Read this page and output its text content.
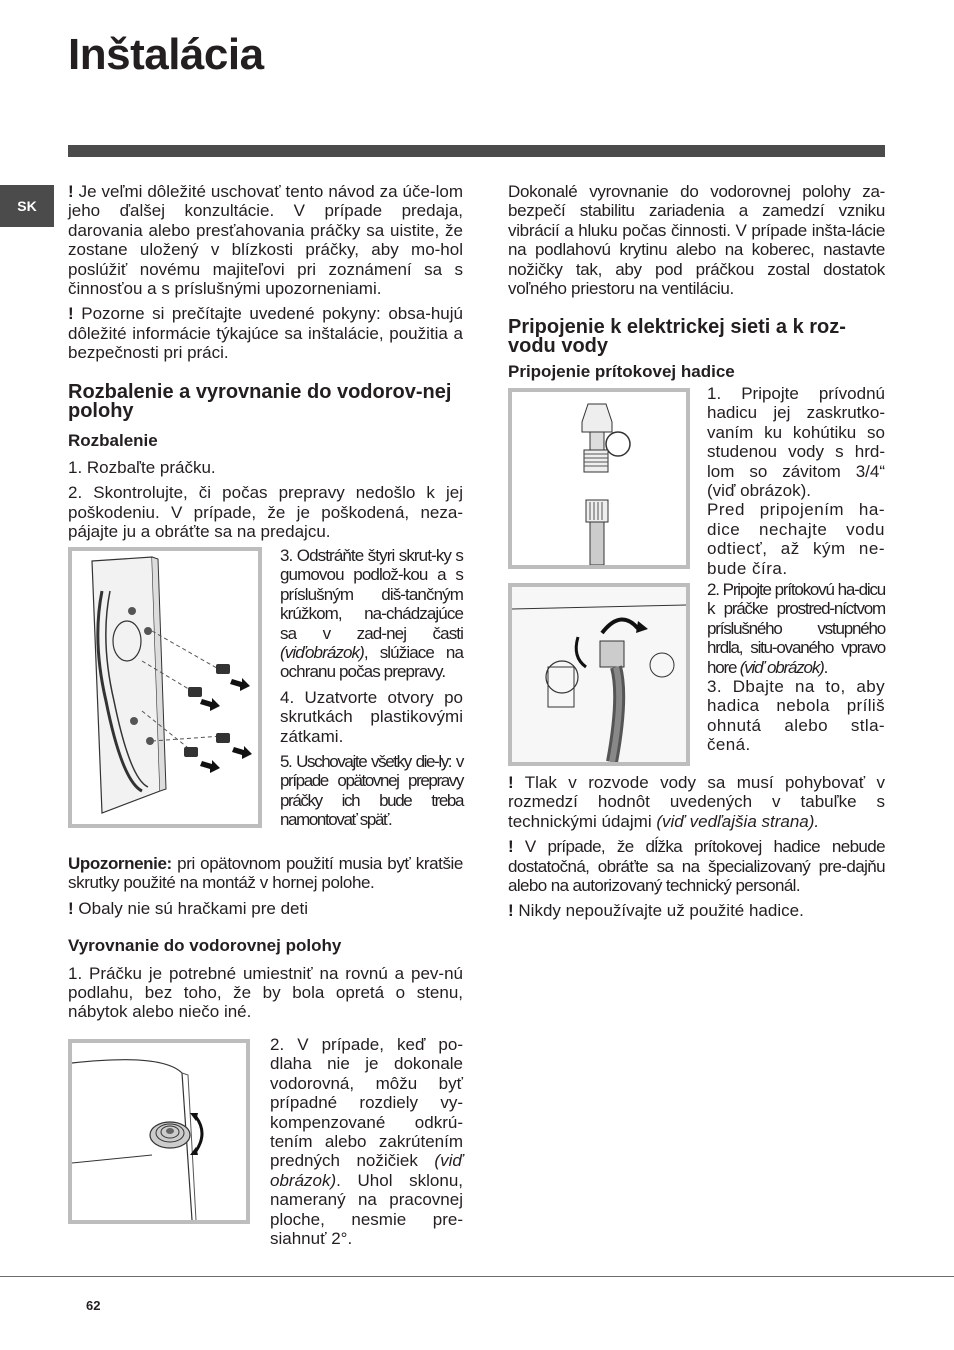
Inštalácia
SK

! Je veľmi dôležité uschovať tento návod za úče-lom jeho ďalšej konzultácie. V prípade predaja, darovania alebo presťahovania práčky sa uistite, že zostane uložený v blízkosti práčky, aby mo-hol poslúžiť novému majiteľovi pri zoznámení sa s činnosťou a s príslušnými upozorneniami.

! Pozorne si prečítajte uvedené pokyny: obsa-hujú dôležité informácie týkajúce sa inštalácie, použitia a bezpečnosti pri práci.

Rozbalenie a vyrovnanie do vodorov-nej polohy
Rozbalenie

1. Rozbaľte práčku.

2. Skontrolujte, či počas prepravy nedošlo k jej poškodeniu. V prípade, že je poškodená, neza-pájajte ju a obráťte sa na predajcu.

3. Odstráňte štyri skrut-ky s gumovou podlož-kou a s príslušným diš-tančným krúžkom, na-chádzajúce sa v zad-nej časti (viďobrázok), slúžiace na ochranu počas prepravy.

4. Uzatvorte otvory po skrutkách plastikovými zátkami.

5. Uschovajte všetky die-ly: v prípade opätovnej prepravy práčky ich bude treba namontovať späť.

Upozornenie: pri opätovnom použití musia byť kratšie skrutky použité na montáž v hornej polohe.

! Obaly nie sú hračkami pre deti

Vyrovnanie do vodorovnej polohy

1. Práčku je potrebné umiestniť na rovnú a pev-nú podlahu, bez toho, že by bola opretá o stenu, nábytok alebo niečo iné.

2. V prípade, keď po-dlaha nie je dokonale vodorovná, môžu byť prípadné rozdiely vy-kompenzované odkrú-tením alebo zakrútením predných nožičiek (viď obrázok). Uhol sklonu, nameraný na pracovnej ploche, nesmie pre-siahnuť 2°.

Dokonalé vyrovnanie do vodorovnej polohy za-bezpečí stabilitu zariadenia a zamedzí vzniku vibrácií a hluku počas činnosti. V prípade inšta-lácie na podlahovú krytinu alebo na koberec, nastavte nožičky tak, aby pod práčkou zostal dostatok voľného priestoru na ventiláciu.

Pripojenie k elektrickej sieti a k roz-vodu vody
Pripojenie prítokovej hadice

1. Pripojte prívodnú hadicu jej zaskrutko-vaním ku kohútiku so studenou vody s hrd-lom so závitom 3/4“ (viď obrázok).

Pred pripojením ha-dice nechajte vodu odtiecť, až kým ne-bude čírа.

2. Pripojte prítokovú ha-dicu k práčke prostred-níctvom príslušného vstupného hrdla, situ-ovaného vpravo hore (viď obrázok).

3. Dbajte na to, aby hadica nebola príliš ohnutá alebo stla-čená.

! Tlak v rozvode vody sa musí pohybovať v rozmedzí hodnôt uvedených v tabuľke s technickými údajmi (viď vedľajšia strana).

! V prípade, že dĺžka prítokovej hadice nebude dostatočná, obráťte sa na špecializovaný pre-dajňu alebo na autorizovaný technický personál.

! Nikdy nepoužívajte už použité hadice.

62
